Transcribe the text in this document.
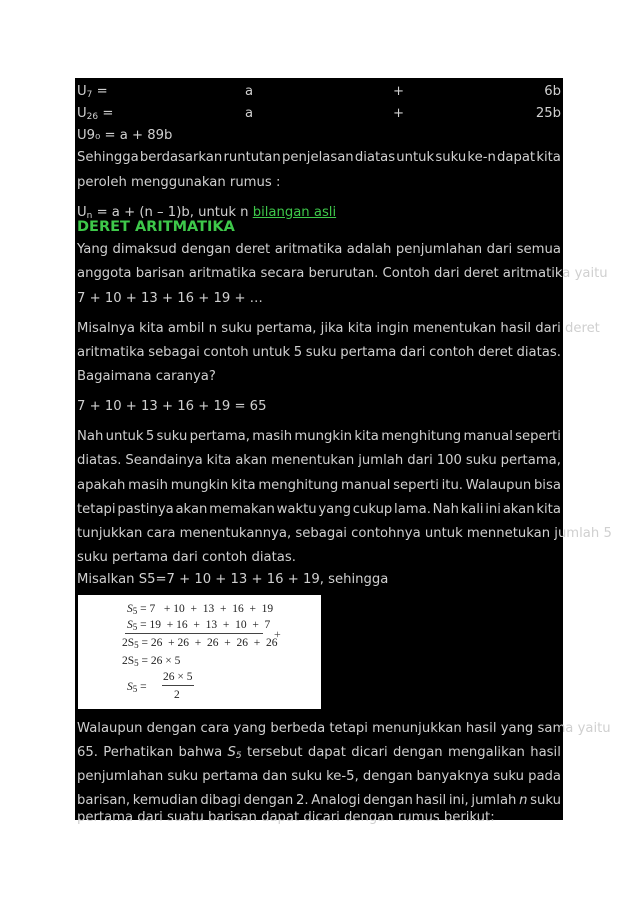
$U_7$ =	a	+	6b
$U_{26}$ =	a	+	25b
U9₀ = a + 89b
Sehingga berdasarkan runtutan penjelasan diatas untuk suku ke-n dapat kita
peroleh menggunakan rumus :
$U_n = a + (n - 1)b$, untuk n bilangan asli
DERET ARITMATIKA
Yang dimaksud dengan deret aritmatika adalah penjumlahan dari semua
anggota barisan aritmatika secara berurutan. Contoh dari deret aritmatika yaitu
7 + 10 + 13 + 16 + 19 + …
Misalnya kita ambil n suku pertama, jika kita ingin menentukan hasil dari deret
aritmatika sebagai contoh untuk 5 suku pertama dari contoh deret diatas.
Bagaimana caranya?
7 + 10 + 13 + 16 + 19 = 65
Nah untuk 5 suku pertama, masih mungkin kita menghitung manual seperti
diatas. Seandainya kita akan menentukan jumlah dari 100 suku pertama,
apakah masih mungkin kita menghitung manual seperti itu. Walaupun bisa
tetapi pastinya akan memakan waktu yang cukup lama. Nah kali ini akan kita
tunjukkan cara menentukannya, sebagai contohnya untuk mennetukan jumlah 5
suku pertama dari contoh diatas.
Misalkan S5=7 + 10 + 13 + 16 + 19, sehingga
$S_5 = 7 + 10 + 13 + 16 + 19$
$S_5 = 19 + 16 + 13 + 10 + 7$
+
$2S_5 = 26 + 26 + 26 + 26 + 26$
$2S_5 = 26 \times 5$
$S_5$ =
26 × 5
2
Walaupun dengan cara yang berbeda tetapi menunjukkan hasil yang sama yaitu
65. Perhatikan bahwa $S_5$ tersebut dapat dicari dengan mengalikan hasil
penjumlahan suku pertama dan suku ke-5, dengan banyaknya suku pada
barisan, kemudian dibagi dengan 2. Analogi dengan hasil ini, jumlah n suku
pertama dari suatu barisan dapat dicari dengan rumus berikut:
